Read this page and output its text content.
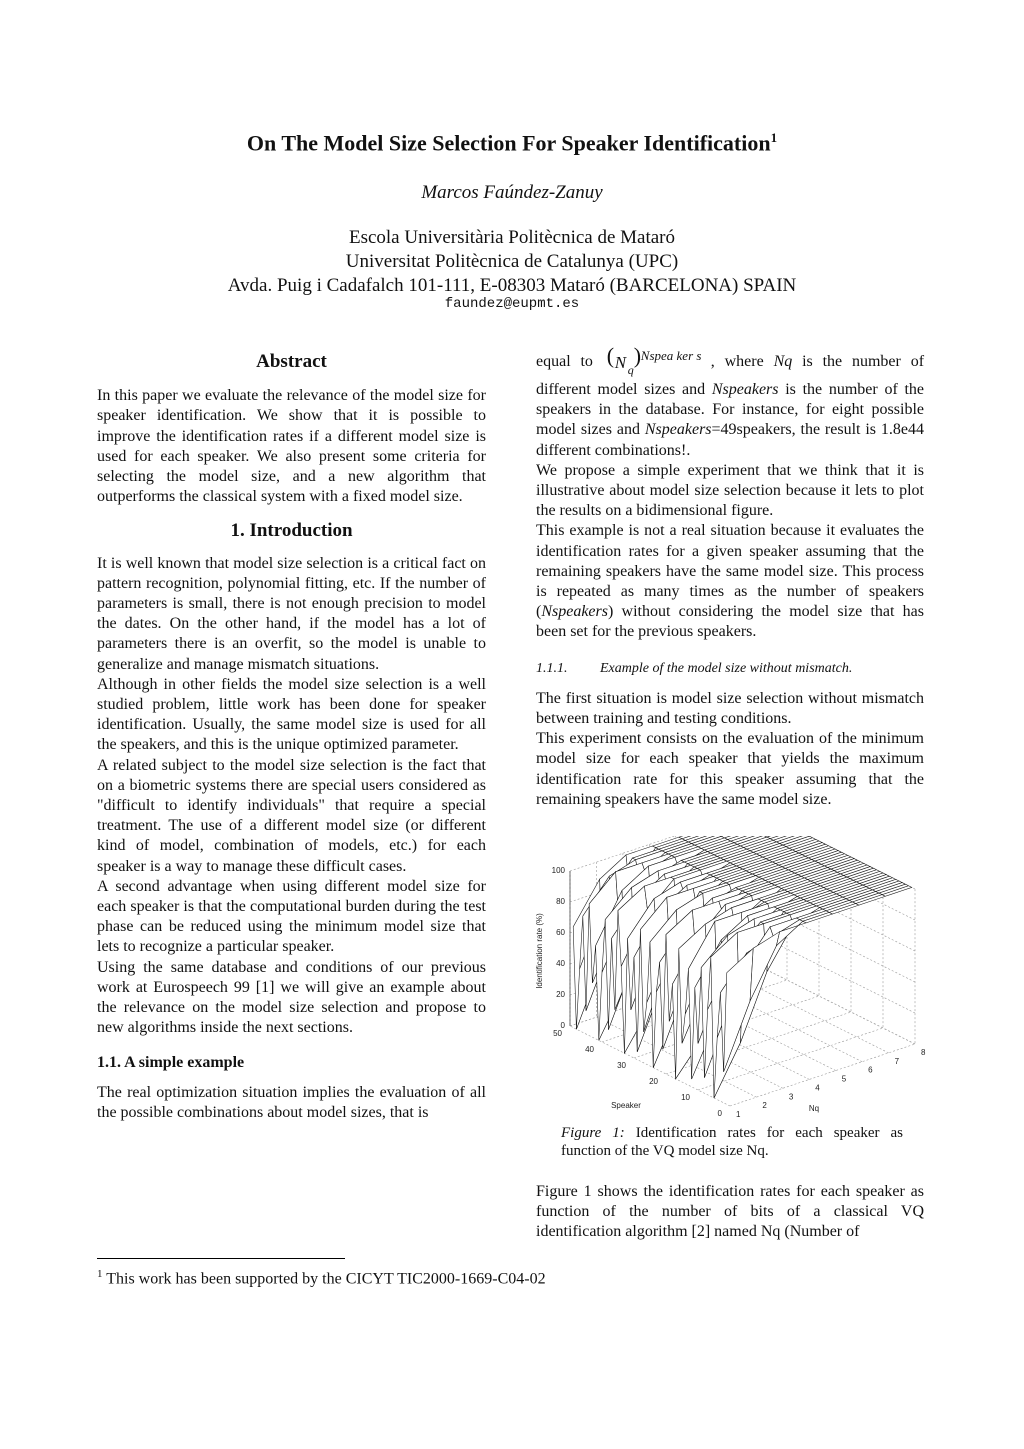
On The Model Size Selection For Speaker Identification$^1$
Marcos Faúndez-Zanuy
Escola Universitària Politècnica de Mataró
Universitat Politècnica de Catalunya (UPC)
Avda. Puig i Cadafalch 101-111, E-08303 Mataró (BARCELONA) SPAIN
faundez@eupmt.es
Abstract

In this paper we evaluate the relevance of the model size for speaker identification. We show that it is possible to improve the identification rates if a different model size is used for each speaker. We also present some criteria for selecting the model size, and a new algorithm that outperforms the classical system with a fixed model size.

1. Introduction

It is well known that model size selection is a critical fact on pattern recognition, polynomial fitting, etc. If the number of parameters is small, there is not enough precision to model the dates. On the other hand, if the model has a lot of parameters there is an overfit, so the model is unable to generalize and manage mismatch situations.

Although in other fields the model size selection is a well studied problem, little work has been done for speaker identification. Usually, the same model size is used for all the speakers, and this is the unique optimized parameter.

A related subject to the model size selection is the fact that on a biometric systems there are special users considered as "difficult to identify individuals" that require a special treatment. The use of a different model size (or different kind of model, combination of models, etc.) for each speaker is a way to manage these difficult cases.

A second advantage when using different model size for each speaker is that the computational burden during the test phase can be reduced using the minimum model size that lets to recognize a particular speaker.

Using the same database and conditions of our previous work at Eurospeech 99 [1] we will give an example about the relevance on the model size selection and propose to new algorithms inside the next sections.

1.1. A simple example

The real optimization situation implies the evaluation of all the possible combinations about model sizes, that is

equal to ( N q
) Nspea ker s , where Nq is the number of

different model sizes and Nspeakers is the number of the speakers in the database. For instance, for eight possible model sizes and Nspeakers=49speakers, the result is 1.8e44 different combinations!.

We propose a simple experiment that we think that it is illustrative about model size selection because it lets to plot the results on a bidimensional figure.

This example is not a real situation because it evaluates the identification rates for a given speaker assuming that the remaining speakers have the same model size. This process is repeated as many times as the number of speakers (Nspeakers) without considering the model size that has been set for the previous speakers.

1.1.1. Example of the model size without mismatch.

The first situation is model size selection without mismatch between training and testing conditions.

This experiment consists on the evaluation of the minimum model size for each speaker that yields the maximum identification rate for this speaker assuming that the remaining speakers have the same model size.

0
20
40
60
80
100
0
10
20
30
40
50
1
2
3
4
5
6
7
8
Identification rate (%)
Speaker	Nq
Figure 1: Identification rates for each speaker as function of the VQ model size Nq.
Figure 1 shows the identification rates for each speaker as function of the number of bits of a classical VQ identification algorithm [2] named Nq (Number of
$^1$ This work has been supported by the CICYT TIC2000-1669-C04-02
